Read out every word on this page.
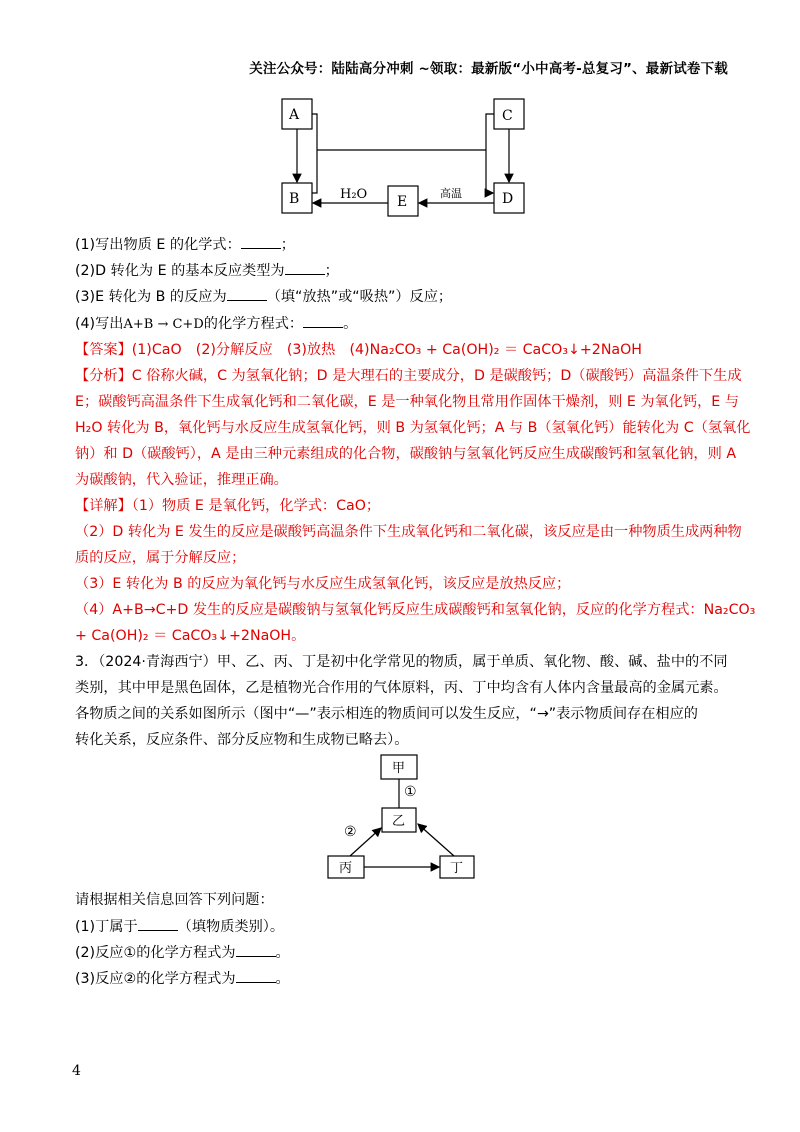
关注公众号：陆陆高分冲刺 ~领取：最新版“小中高考-总复习”、最新试卷下载
A
B
C
D
E
H₂O	高温
(1)写出物质 E 的化学式：	；
(2)D 转化为 E 的基本反应类型为	；
(3)E 转化为 B 的反应为	（填“放热”或“吸热”）反应；
(4)写出A+B → C+D的化学方程式：	。
【答案】(1)CaO　(2)分解反应　(3)放热　(4)Na₂CO₃ + Ca(OH)₂ ＝ CaCO₃↓+2NaOH
【分析】C 俗称火碱，C 为氢氧化钠；D 是大理石的主要成分，D 是碳酸钙；D（碳酸钙）高温条件下生成
E；碳酸钙高温条件下生成氧化钙和二氧化碳，E 是一种氧化物且常用作固体干燥剂，则 E 为氧化钙，E 与
H₂O 转化为 B，氧化钙与水反应生成氢氧化钙，则 B 为氢氧化钙；A 与 B（氢氧化钙）能转化为 C（氢氧化
钠）和 D（碳酸钙），A 是由三种元素组成的化合物，碳酸钠与氢氧化钙反应生成碳酸钙和氢氧化钠，则 A
为碳酸钠，代入验证，推理正确。
【详解】（1）物质 E 是氧化钙，化学式：CaO；
（2）D 转化为 E 发生的反应是碳酸钙高温条件下生成氧化钙和二氧化碳，该反应是由一种物质生成两种物
质的反应，属于分解反应；
（3）E 转化为 B 的反应为氧化钙与水反应生成氢氧化钙，该反应是放热反应；
（4）A+B→C+D 发生的反应是碳酸钠与氢氧化钙反应生成碳酸钙和氢氧化钠，反应的化学方程式：Na₂CO₃
+ Ca(OH)₂ ＝ CaCO₃↓+2NaOH。
3．（2024·青海西宁）甲、乙、丙、丁是初中化学常见的物质，属于单质、氧化物、酸、碱、盐中的不同
类别，其中甲是黑色固体，乙是植物光合作用的气体原料，丙、丁中均含有人体内含量最高的金属元素。
各物质之间的关系如图所示（图中“—”表示相连的物质间可以发生反应，“→”表示物质间存在相应的
转化关系，反应条件、部分反应物和生成物已略去）。
甲
乙
丙	丁
①
②
请根据相关信息回答下列问题：
(1)丁属于	（填物质类别）。
(2)反应①的化学方程式为	。
(3)反应②的化学方程式为	。
4
